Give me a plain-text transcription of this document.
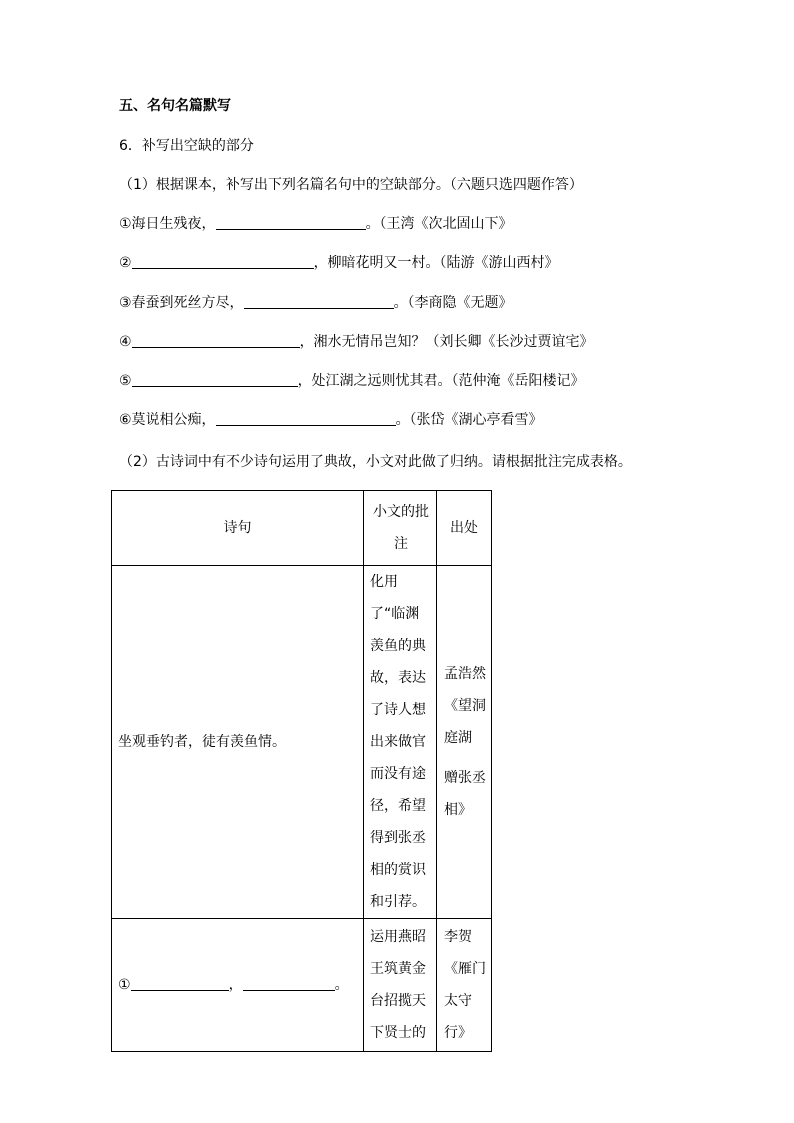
五、名句名篇默写
6．补写出空缺的部分
（1）根据课本，补写出下列名篇名句中的空缺部分。（六题只选四题作答）
①海日生残夜，	。（王湾《次北固山下》
②	，柳暗花明又一村。（陆游《游山西村》
③春蚕到死丝方尽，	。（李商隐《无题》
④	，湘水无情吊岂知？（刘长卿《长沙过贾谊宅》
⑤	，处江湖之远则忧其君。（范仲淹《岳阳楼记》
⑥莫说相公痴，	。（张岱《湖心亭看雪》
（2）古诗词中有不少诗句运用了典故，小文对此做了归纳。请根据批注完成表格。
诗句	小文的批注	出处
坐观垂钓者，徒有羡鱼情。	化用了“临渊羡鱼的典故，表达了诗人想出来做官而没有途径，希望得到张丞相的赏识和引荐。	孟浩然《望洞庭湖
赠张丞相》

① ， 。	运用燕昭王筑黄金台招揽天下贤士的	李贺《雁门太守行》
